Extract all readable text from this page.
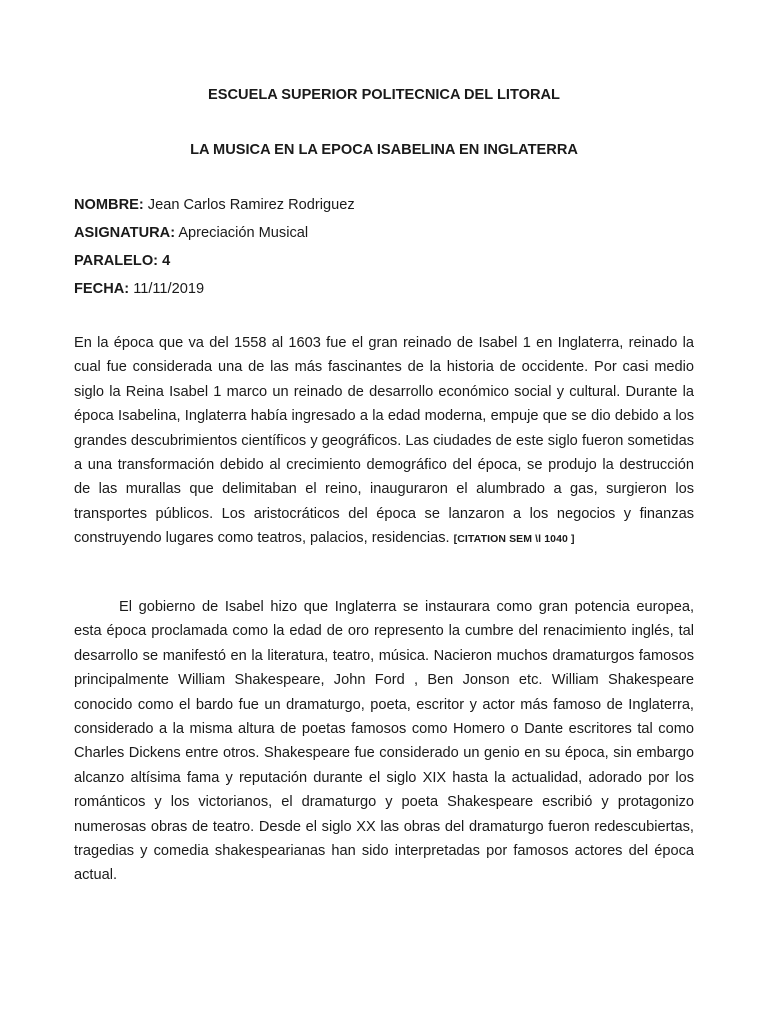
ESCUELA SUPERIOR POLITECNICA DEL LITORAL
LA MUSICA EN LA EPOCA ISABELINA EN INGLATERRA
NOMBRE: Jean Carlos Ramirez Rodriguez
ASIGNATURA: Apreciación Musical
PARALELO: 4
FECHA: 11/11/2019
En la época que va del 1558 al 1603 fue el gran reinado de Isabel 1 en Inglaterra, reinado la cual fue considerada una de las más fascinantes de la historia de occidente. Por casi medio siglo la Reina Isabel 1 marco un reinado de desarrollo económico social y cultural. Durante la época Isabelina, Inglaterra había ingresado a la edad moderna, empuje que se dio debido a los grandes descubrimientos científicos y geográficos. Las ciudades de este siglo fueron sometidas a una transformación debido al crecimiento demográfico del época, se produjo la destrucción de las murallas que delimitaban el reino, inauguraron el alumbrado a gas, surgieron los transportes públicos. Los aristocráticos del época se lanzaron a los negocios y finanzas construyendo lugares como teatros, palacios, residencias. [CITATION SEM \l 1040 ]
El gobierno de Isabel hizo que Inglaterra se instaurara como gran potencia europea, esta época proclamada como la edad de oro represento la cumbre del renacimiento inglés, tal desarrollo se manifestó en la literatura, teatro, música. Nacieron muchos dramaturgos famosos principalmente William Shakespeare, John Ford , Ben Jonson etc. William Shakespeare conocido como el bardo fue un dramaturgo, poeta, escritor y actor más famoso de Inglaterra, considerado a la misma altura de poetas famosos como Homero o Dante escritores tal como Charles Dickens entre otros. Shakespeare fue considerado un genio en su época, sin embargo alcanzo altísima fama y reputación durante el siglo XIX hasta la actualidad, adorado por los románticos y los victorianos, el dramaturgo y poeta Shakespeare escribió y protagonizo numerosas obras de teatro. Desde el siglo XX las obras del dramaturgo fueron redescubiertas, tragedias y comedia shakespearianas han sido interpretadas por famosos actores del época actual.
